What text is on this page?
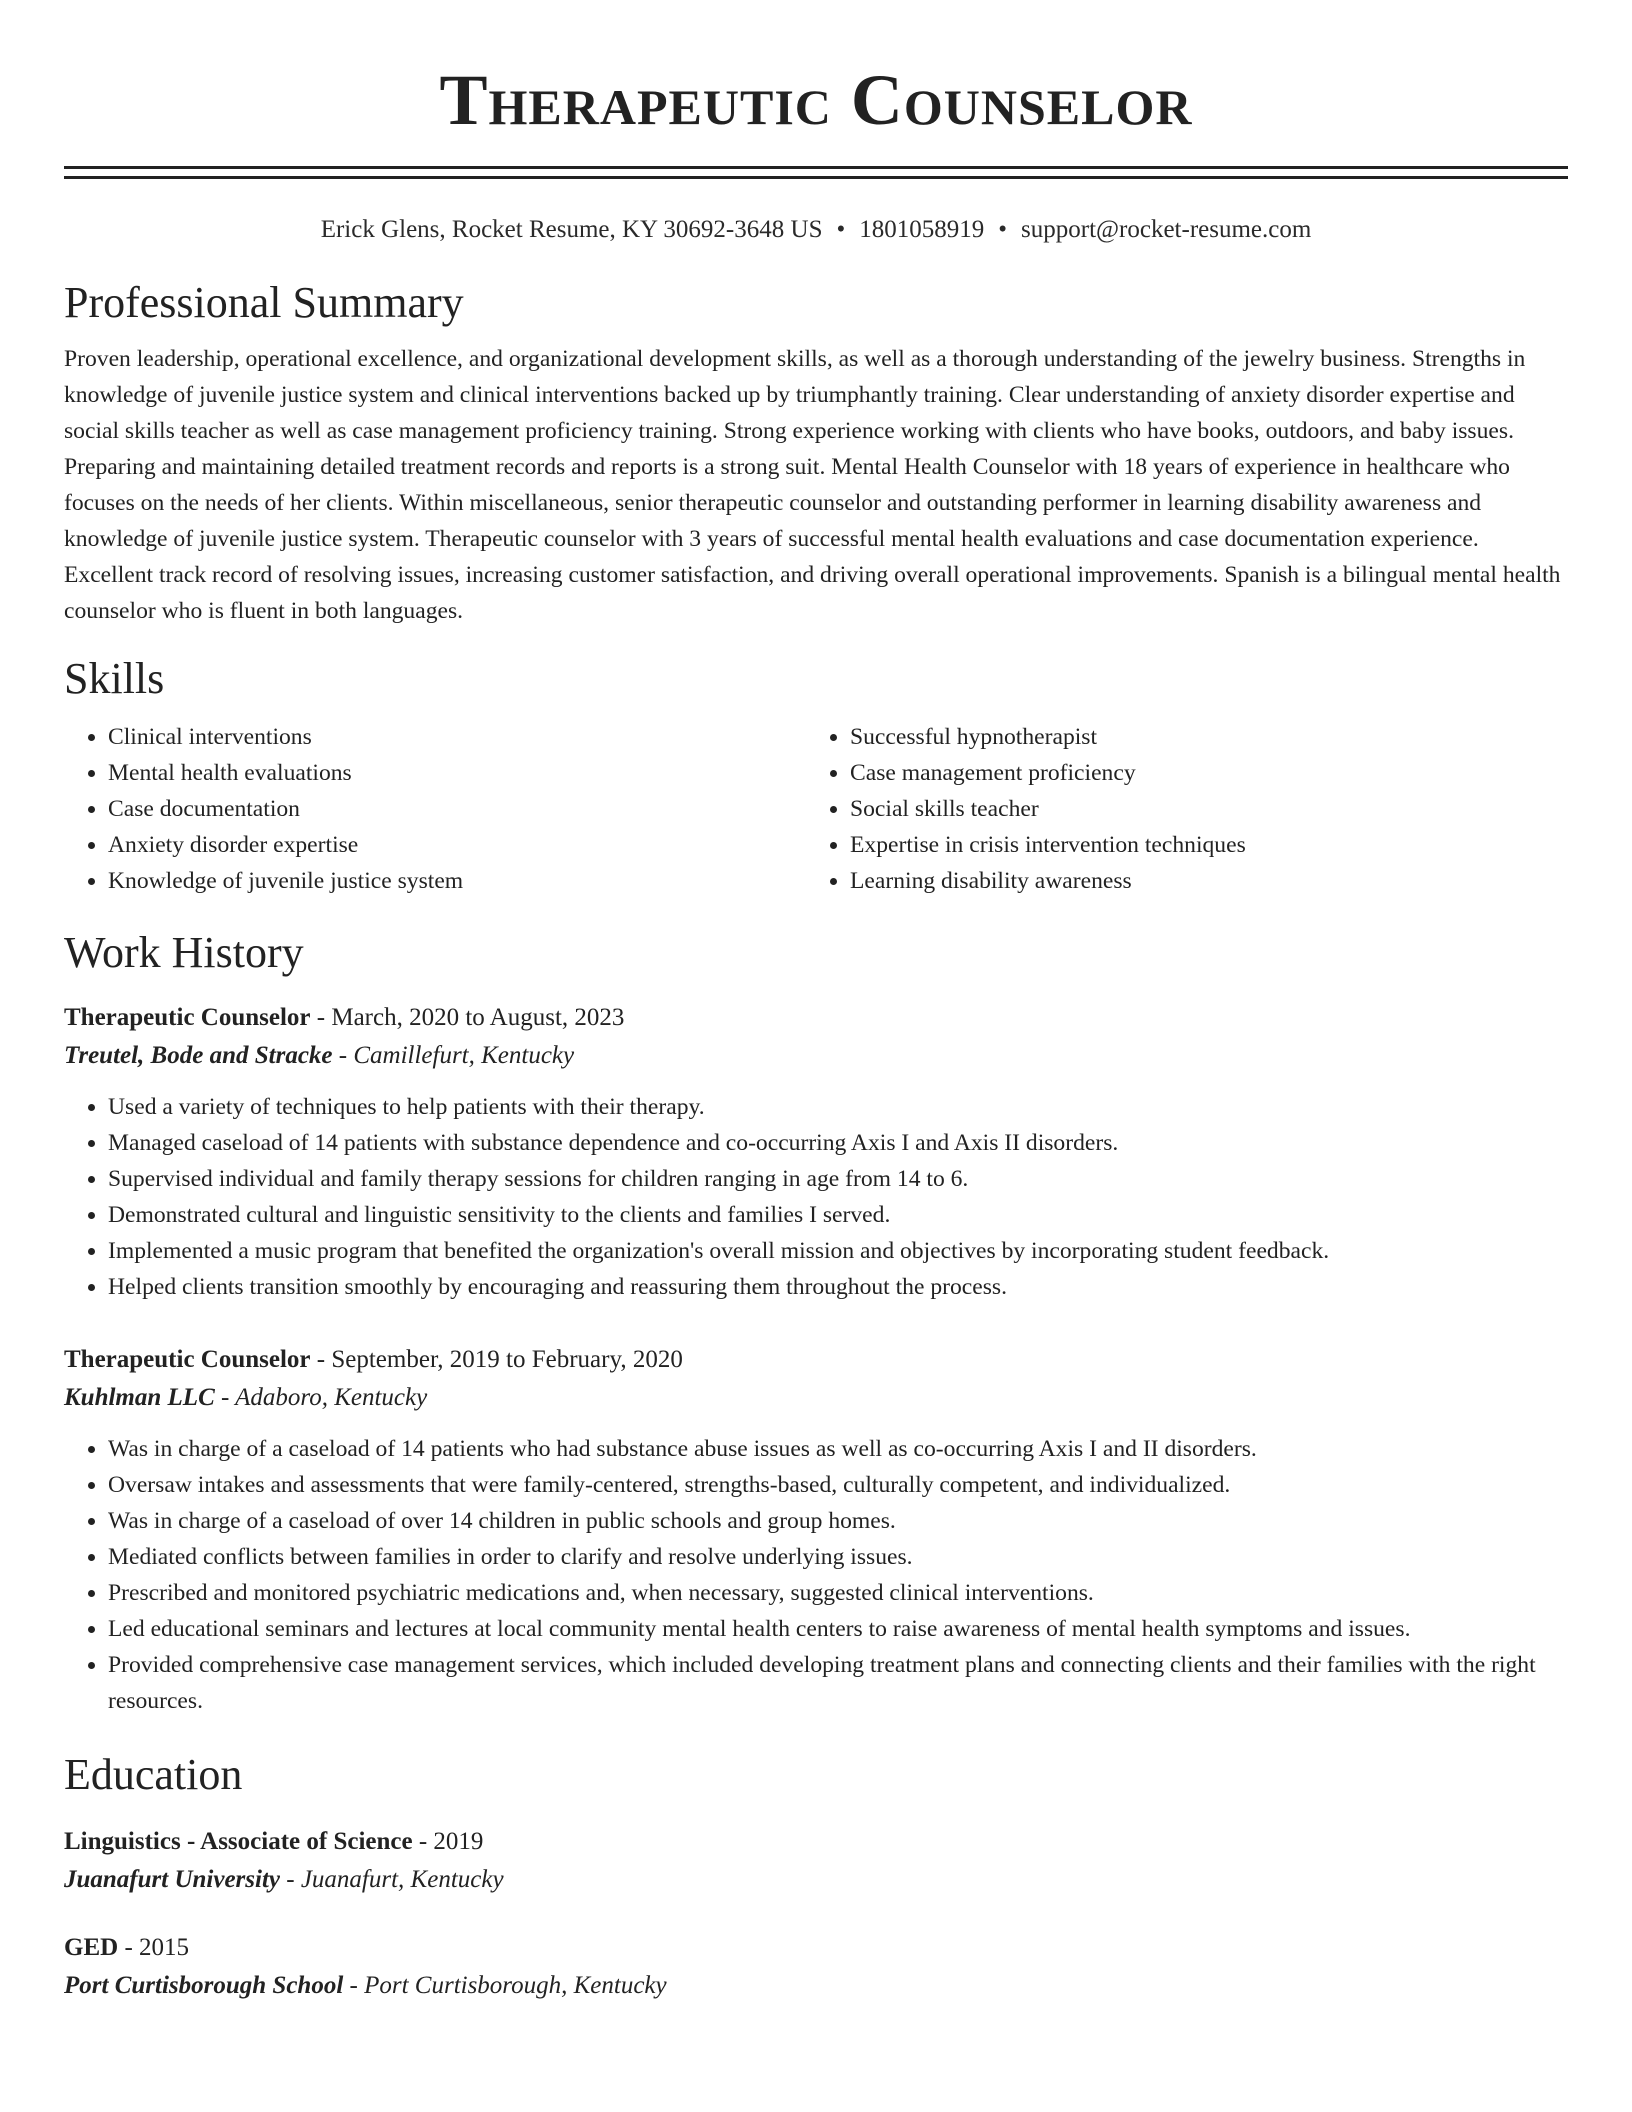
Therapeutic Counselor
Erick Glens, Rocket Resume, KY 30692-3648 US • 1801058919 • support@rocket-resume.com
Professional Summary
Proven leadership, operational excellence, and organizational development skills, as well as a thorough understanding of the jewelry business. Strengths in knowledge of juvenile justice system and clinical interventions backed up by triumphantly training. Clear understanding of anxiety disorder expertise and social skills teacher as well as case management proficiency training. Strong experience working with clients who have books, outdoors, and baby issues. Preparing and maintaining detailed treatment records and reports is a strong suit. Mental Health Counselor with 18 years of experience in healthcare who focuses on the needs of her clients. Within miscellaneous, senior therapeutic counselor and outstanding performer in learning disability awareness and knowledge of juvenile justice system. Therapeutic counselor with 3 years of successful mental health evaluations and case documentation experience. Excellent track record of resolving issues, increasing customer satisfaction, and driving overall operational improvements. Spanish is a bilingual mental health counselor who is fluent in both languages.
Skills
• Clinical interventions
• Mental health evaluations
• Case documentation
• Anxiety disorder expertise
• Knowledge of juvenile justice system
• Successful hypnotherapist
• Case management proficiency
• Social skills teacher
• Expertise in crisis intervention techniques
• Learning disability awareness
Work History
Therapeutic Counselor - March, 2020 to August, 2023
Treutel, Bode and Stracke - Camillefurt, Kentucky
• Used a variety of techniques to help patients with their therapy.
• Managed caseload of 14 patients with substance dependence and co-occurring Axis I and Axis II disorders.
• Supervised individual and family therapy sessions for children ranging in age from 14 to 6.
• Demonstrated cultural and linguistic sensitivity to the clients and families I served.
• Implemented a music program that benefited the organization's overall mission and objectives by incorporating student feedback.
• Helped clients transition smoothly by encouraging and reassuring them throughout the process.
Therapeutic Counselor - September, 2019 to February, 2020
Kuhlman LLC - Adaboro, Kentucky
• Was in charge of a caseload of 14 patients who had substance abuse issues as well as co-occurring Axis I and II disorders.
• Oversaw intakes and assessments that were family-centered, strengths-based, culturally competent, and individualized.
• Was in charge of a caseload of over 14 children in public schools and group homes.
• Mediated conflicts between families in order to clarify and resolve underlying issues.
• Prescribed and monitored psychiatric medications and, when necessary, suggested clinical interventions.
• Led educational seminars and lectures at local community mental health centers to raise awareness of mental health symptoms and issues.
• Provided comprehensive case management services, which included developing treatment plans and connecting clients and their families with the right resources.
Education
Linguistics - Associate of Science - 2019
Juanafurt University - Juanafurt, Kentucky
GED - 2015
Port Curtisborough School - Port Curtisborough, Kentucky
